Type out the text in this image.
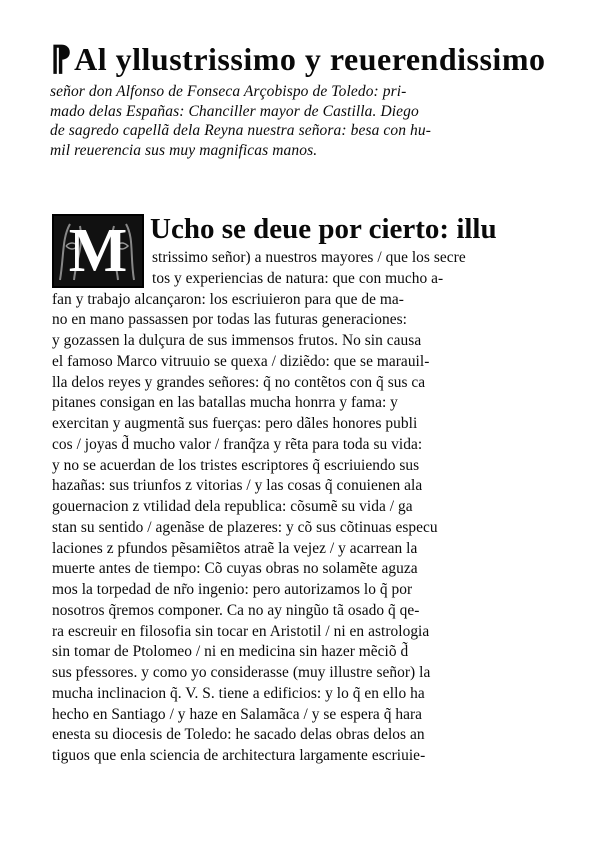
⁋Al yllustrissimo y reuerendissimo
señor don Alfonso de Fonseca Arçobispo de Toledo: pri-
mado delas Españas: Chanciller mayor de Castilla. Diego
de sagredo capellã dela Reyna nuestra señora: besa con hu-
mil reuerencia sus muy magnificas manos.
M Ucho se deue por cierto: illu
strissimo señor) a nuestros mayores / que los secre
tos y experiencias de natura: que con mucho a-
fan y trabajo alcançaron: los escriuieron para que de ma-
no en mano passassen por todas las futuras generaciones:
y gozassen la dulçura de sus immensos frutos. No sin causa
el famoso Marco vitruuio se quexa / diziẽdo: que se marauil-
lla delos reyes y grandes señores: q̃ no contẽtos con q̃ sus ca
pitanes consigan en las batallas mucha honrra y fama: y
exercitan y augmentã sus fuerças: pero dãles honores publi
cos / joyas d̃ mucho valor / franq̃za y rẽta para toda su vida:
y no se acuerdan de los tristes escriptores q̃ escriuiendo sus
hazañas: sus triunfos z vitorias / y las cosas q̃ conuienen ala
gouernacion z vtilidad dela republica: cõsumẽ su vida / ga
stan su sentido / agenãse de plazeres: y cõ sus cõtinuas especu
laciones z pfundos pẽsamiẽtos atraẽ la vejez / y acarrean la
muerte antes de tiempo: Cõ cuyas obras no solamẽte aguza
mos la torpedad de nr̃o ingenio: pero autorizamos lo q̃ por
nosotros q̃remos componer. Ca no ay ningũo tã osado q̃ qe-
ra escreuir en filosofia sin tocar en Aristotil / ni en astrologia
sin tomar de Ptolomeo / ni en medicina sin hazer mẽciõ d̃
sus pfessores. y como yo considerasse (muy illustre señor) la
mucha inclinacion q̃. V. S. tiene a edificios: y lo q̃ en ello ha
hecho en Santiago / y haze en Salamãca / y se espera q̃ hara
enesta su diocesis de Toledo: he sacado delas obras delos an
tiguos que enla sciencia de architectura largamente escriuie-
